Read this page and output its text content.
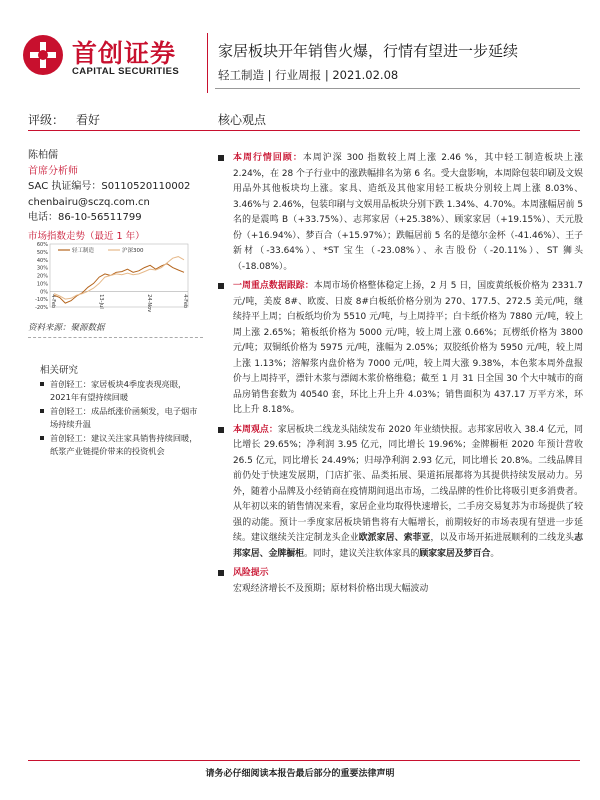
首创证券
CAPITAL SECURITIES
家居板块开年销售火爆，行情有望进一步延续
轻工制造 | 行业周报 | 2021.02.08
评级： 看好	核心观点
陈柏儒
首席分析师
SAC 执证编号：S0110520110002
chenbairu@sczq.com.cn
电话：86-10-56511799
市场指数走势（最近 1 年）
60%
50%
40%
30%
20%
10%
0%
-10%
-20% 4-Feb	13-Jul	24-Nov	4-Feb
轻工制造	沪深300
资料来源：聚源数据
相关研究
首创轻工：家居板块4季度表现亮眼，2021年有望持续回暖
首创轻工：成品纸涨价函频发，电子烟市场持续升温
首创轻工：建议关注家具销售持续回暖，纸浆产业链提价带来的投资机会
本周行情回顾：本周沪深 300 指数较上周上涨 2.46 %，其中轻工制造板块上涨 2.24%，在 28 个子行业中的涨跌幅排名为第 6 名。受大盘影响，本周除包装印刷及文娱用品外其他板块均上涨。家具、造纸及其他家用轻工板块分别较上周上涨 8.03%、3.46%与 2.46%，包装印刷与文娱用品板块分别下跌 1.34%、4.70%。本周涨幅居前 5 名的是震鸣 B（+33.75%）、志邦家居（+25.38%）、顾家家居（+19.15%）、天元股份（+16.94%）、梦百合（+15.97%）；跌幅居前 5 名的是德尔金杯（-41.46%）、王子新材（-33.64%）、*ST 宝生（-23.08%）、永吉股份（-20.11%）、ST 狮头（-18.08%）。
一周重点数据跟踪：本周市场价格整体稳定上扬，2 月 5 日，国废黄纸板价格为 2331.7 元/吨，美废 8#、欧废、日废 8#白板纸价格分别为 270、177.5、272.5 美元/吨，继续持平上周；白板纸均价为 5510 元/吨，与上周持平；白卡纸价格为 7880 元/吨，较上周上涨 2.65%；箱板纸价格为 5000 元/吨，较上周上涨 0.66%；瓦楞纸价格为 3800 元/吨；双铜纸价格为 5975 元/吨，涨幅为 2.05%；双胶纸价格为 5950 元/吨，较上周上涨 1.13%；溶解浆内盘价格为 7000 元/吨，较上周大涨 9.38%，本色浆本周外盘报价与上周持平，漂针木浆与漂阔木浆价格维稳；截至 1 月 31 日全国 30 个大中城市的商品房销售套数为 40540 套，环比上升上升 4.03%；销售面积为 437.17 万平方米，环比上升 8.18%。
本周观点：家居板块二线龙头陆续发布 2020 年业绩快报。志邦家居收入 38.4 亿元，同比增长 29.65%；净利润 3.95 亿元，同比增长 19.96%；金牌橱柜 2020 年预计营收 26.5 亿元，同比增长 24.49%；归母净利润 2.93 亿元，同比增长 20.8%。二线品牌目前仍处于快速发展期，门店扩张、品类拓展、渠道拓展都将为其提供持续发展动力。另外，随着小品牌及小经销商在疫情期间退出市场，二线品牌的性价比将吸引更多消费者。从年初以来的销售情况来看，家居企业均取得快速增长，二手房交易复苏为市场提供了较强的动能。预计一季度家居板块销售将有大幅增长，前期较好的市场表现有望进一步延续。建议继续关注定制龙头企业欧派家居、索菲亚，以及市场开拓进展顺利的二线龙头志邦家居、金牌橱柜。同时，建议关注软体家具的顾家家居及梦百合。
风险提示
宏观经济增长不及预期；原材料价格出现大幅波动
请务必仔细阅读本报告最后部分的重要法律声明
